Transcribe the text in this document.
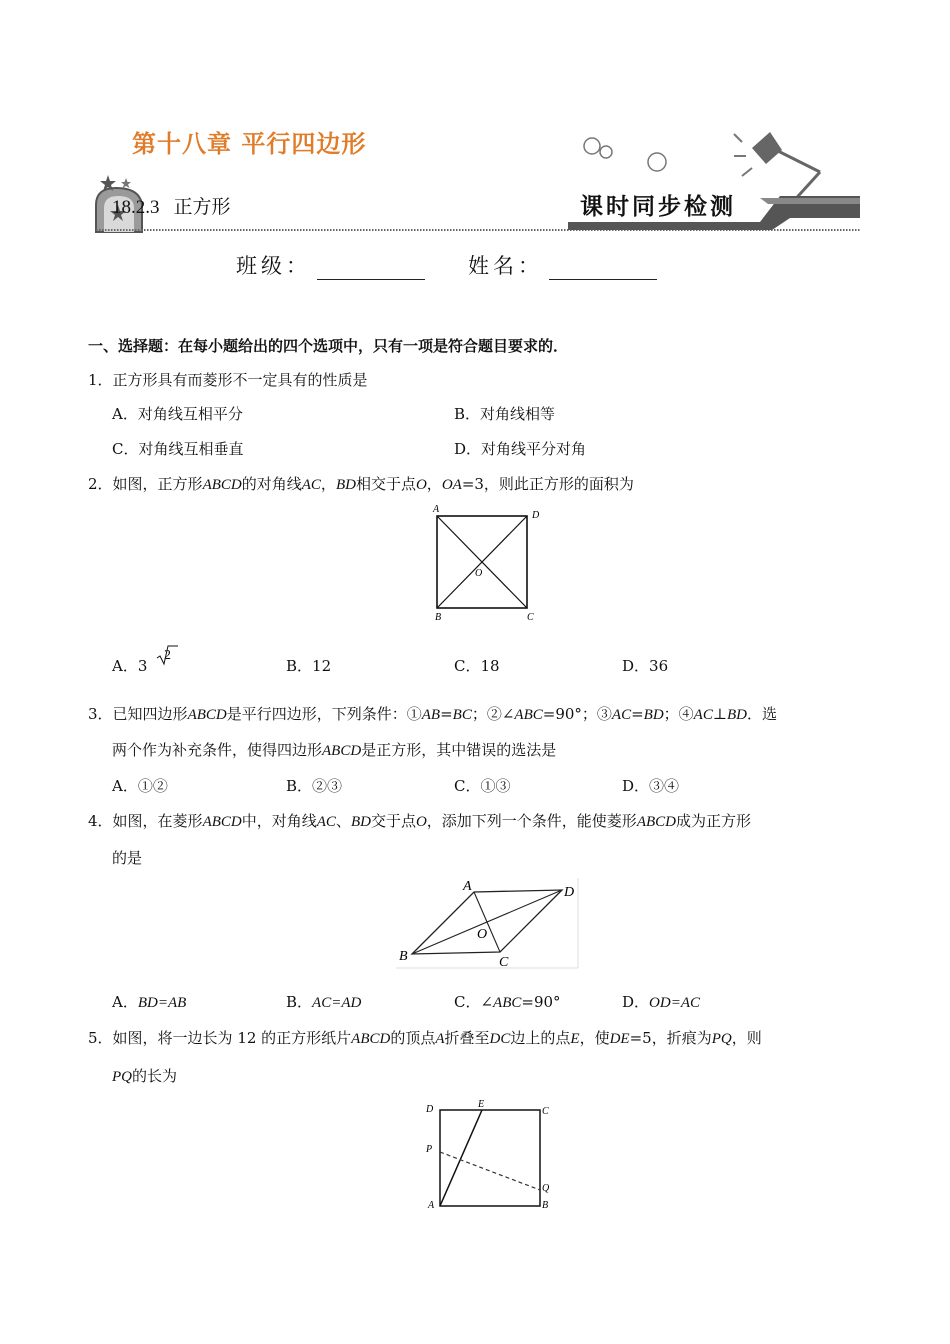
第十八章 平行四边形
18.2.3 正方形	课时同步检测
班级：	姓名：
一、选择题：在每小题给出的四个选项中，只有一项是符合题目要求的．
1．正方形具有而菱形不一定具有的性质是
A．对角线互相平分	B．对角线相等
C．对角线互相垂直	D．对角线平分对角
2．如图，正方形ABCD的对角线AC，BD相交于点O，OA=3，则此正方形的面积为
A
D
O
B	C
A．3
2
B．12	C．18	D．36
3．已知四边形ABCD是平行四边形，下列条件：①AB=BC；②∠ABC=90°；③AC=BD；④AC⊥BD．选
两个作为补充条件，使得四边形ABCD是正方形，其中错误的选法是
A．①②	B．②③	C．①③	D．③④
4．如图，在菱形ABCD中，对角线AC、BD交于点O，添加下列一个条件，能使菱形ABCD成为正方形
的是
A	D
O
B	C
A．BD=AB	B．AC=AD	C．∠ABC=90°	D．OD=AC
5．如图，将一边长为 12 的正方形纸片ABCD的顶点A折叠至DC边上的点E，使DE=5，折痕为PQ，则
PQ的长为
D	E
C
P
Q
A	B
